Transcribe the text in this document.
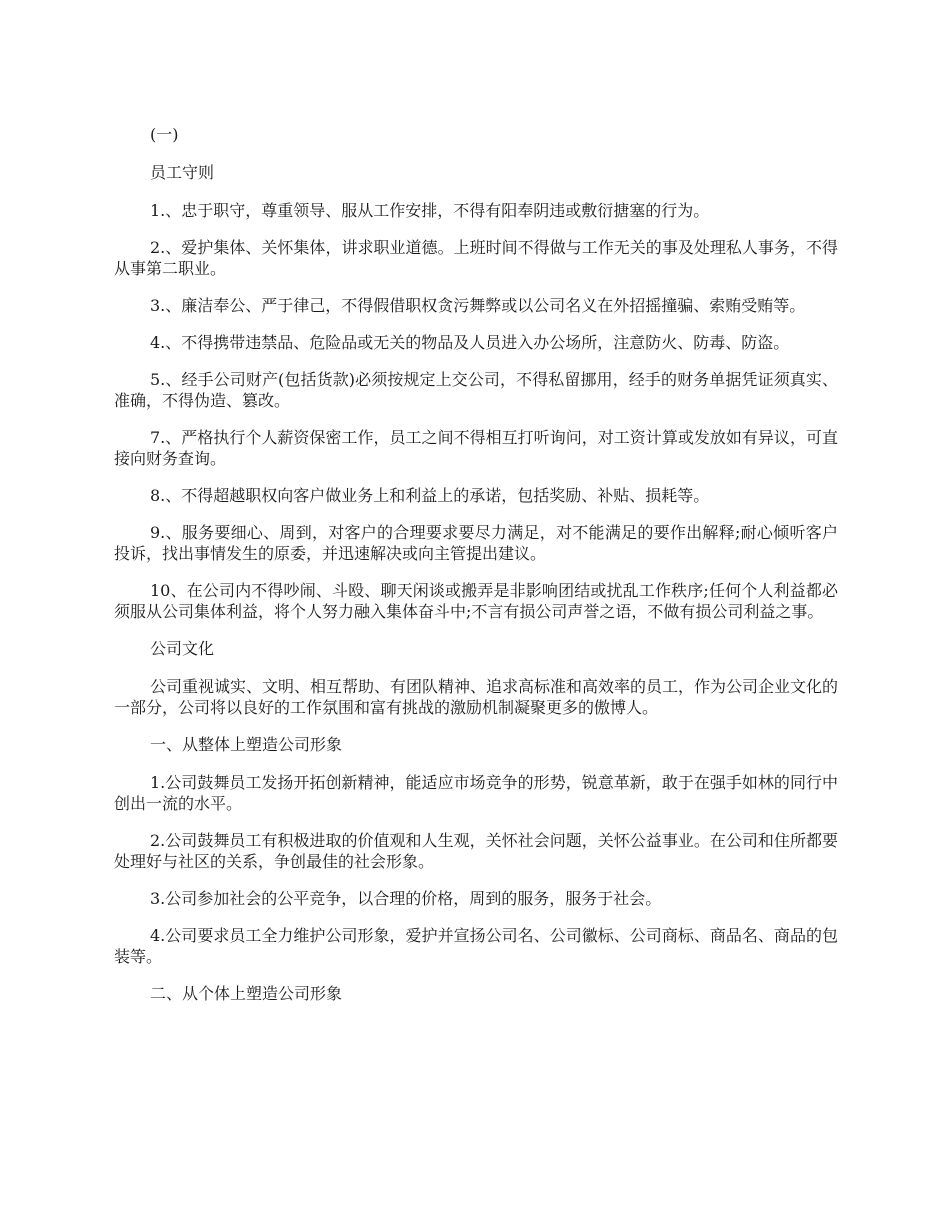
(一)

员工守则

1.、忠于职守，尊重领导、服从工作安排，不得有阳奉阴违或敷衍搪塞的行为。

2.、爱护集体、关怀集体，讲求职业道德。上班时间不得做与工作无关的事及处理私人事务，不得从事第二职业。

3.、廉洁奉公、严于律己，不得假借职权贪污舞弊或以公司名义在外招摇撞骗、索贿受贿等。

4.、不得携带违禁品、危险品或无关的物品及人员进入办公场所，注意防火、防毒、防盗。

5.、经手公司财产(包括货款)必须按规定上交公司，不得私留挪用，经手的财务单据凭证须真实、准确，不得伪造、篡改。

7.、严格执行个人薪资保密工作，员工之间不得相互打听询问，对工资计算或发放如有异议，可直接向财务查询。

8.、不得超越职权向客户做业务上和利益上的承诺，包括奖励、补贴、损耗等。

9.、服务要细心、周到，对客户的合理要求要尽力满足，对不能满足的要作出解释;耐心倾听客户投诉，找出事情发生的原委，并迅速解决或向主管提出建议。

10、在公司内不得吵闹、斗殴、聊天闲谈或搬弄是非影响团结或扰乱工作秩序;任何个人利益都必须服从公司集体利益，将个人努力融入集体奋斗中;不言有损公司声誉之语，不做有损公司利益之事。

公司文化

公司重视诚实、文明、相互帮助、有团队精神、追求高标准和高效率的员工，作为公司企业文化的一部分，公司将以良好的工作氛围和富有挑战的激励机制凝聚更多的傲博人。

一、从整体上塑造公司形象

1.公司鼓舞员工发扬开拓创新精神，能适应市场竞争的形势，锐意革新，敢于在强手如林的同行中创出一流的水平。

2.公司鼓舞员工有积极进取的价值观和人生观，关怀社会问题，关怀公益事业。在公司和住所都要处理好与社区的关系，争创最佳的社会形象。

3.公司参加社会的公平竞争，以合理的价格，周到的服务，服务于社会。

4.公司要求员工全力维护公司形象，爱护并宣扬公司名、公司徽标、公司商标、商品名、商品的包装等。

二、从个体上塑造公司形象
